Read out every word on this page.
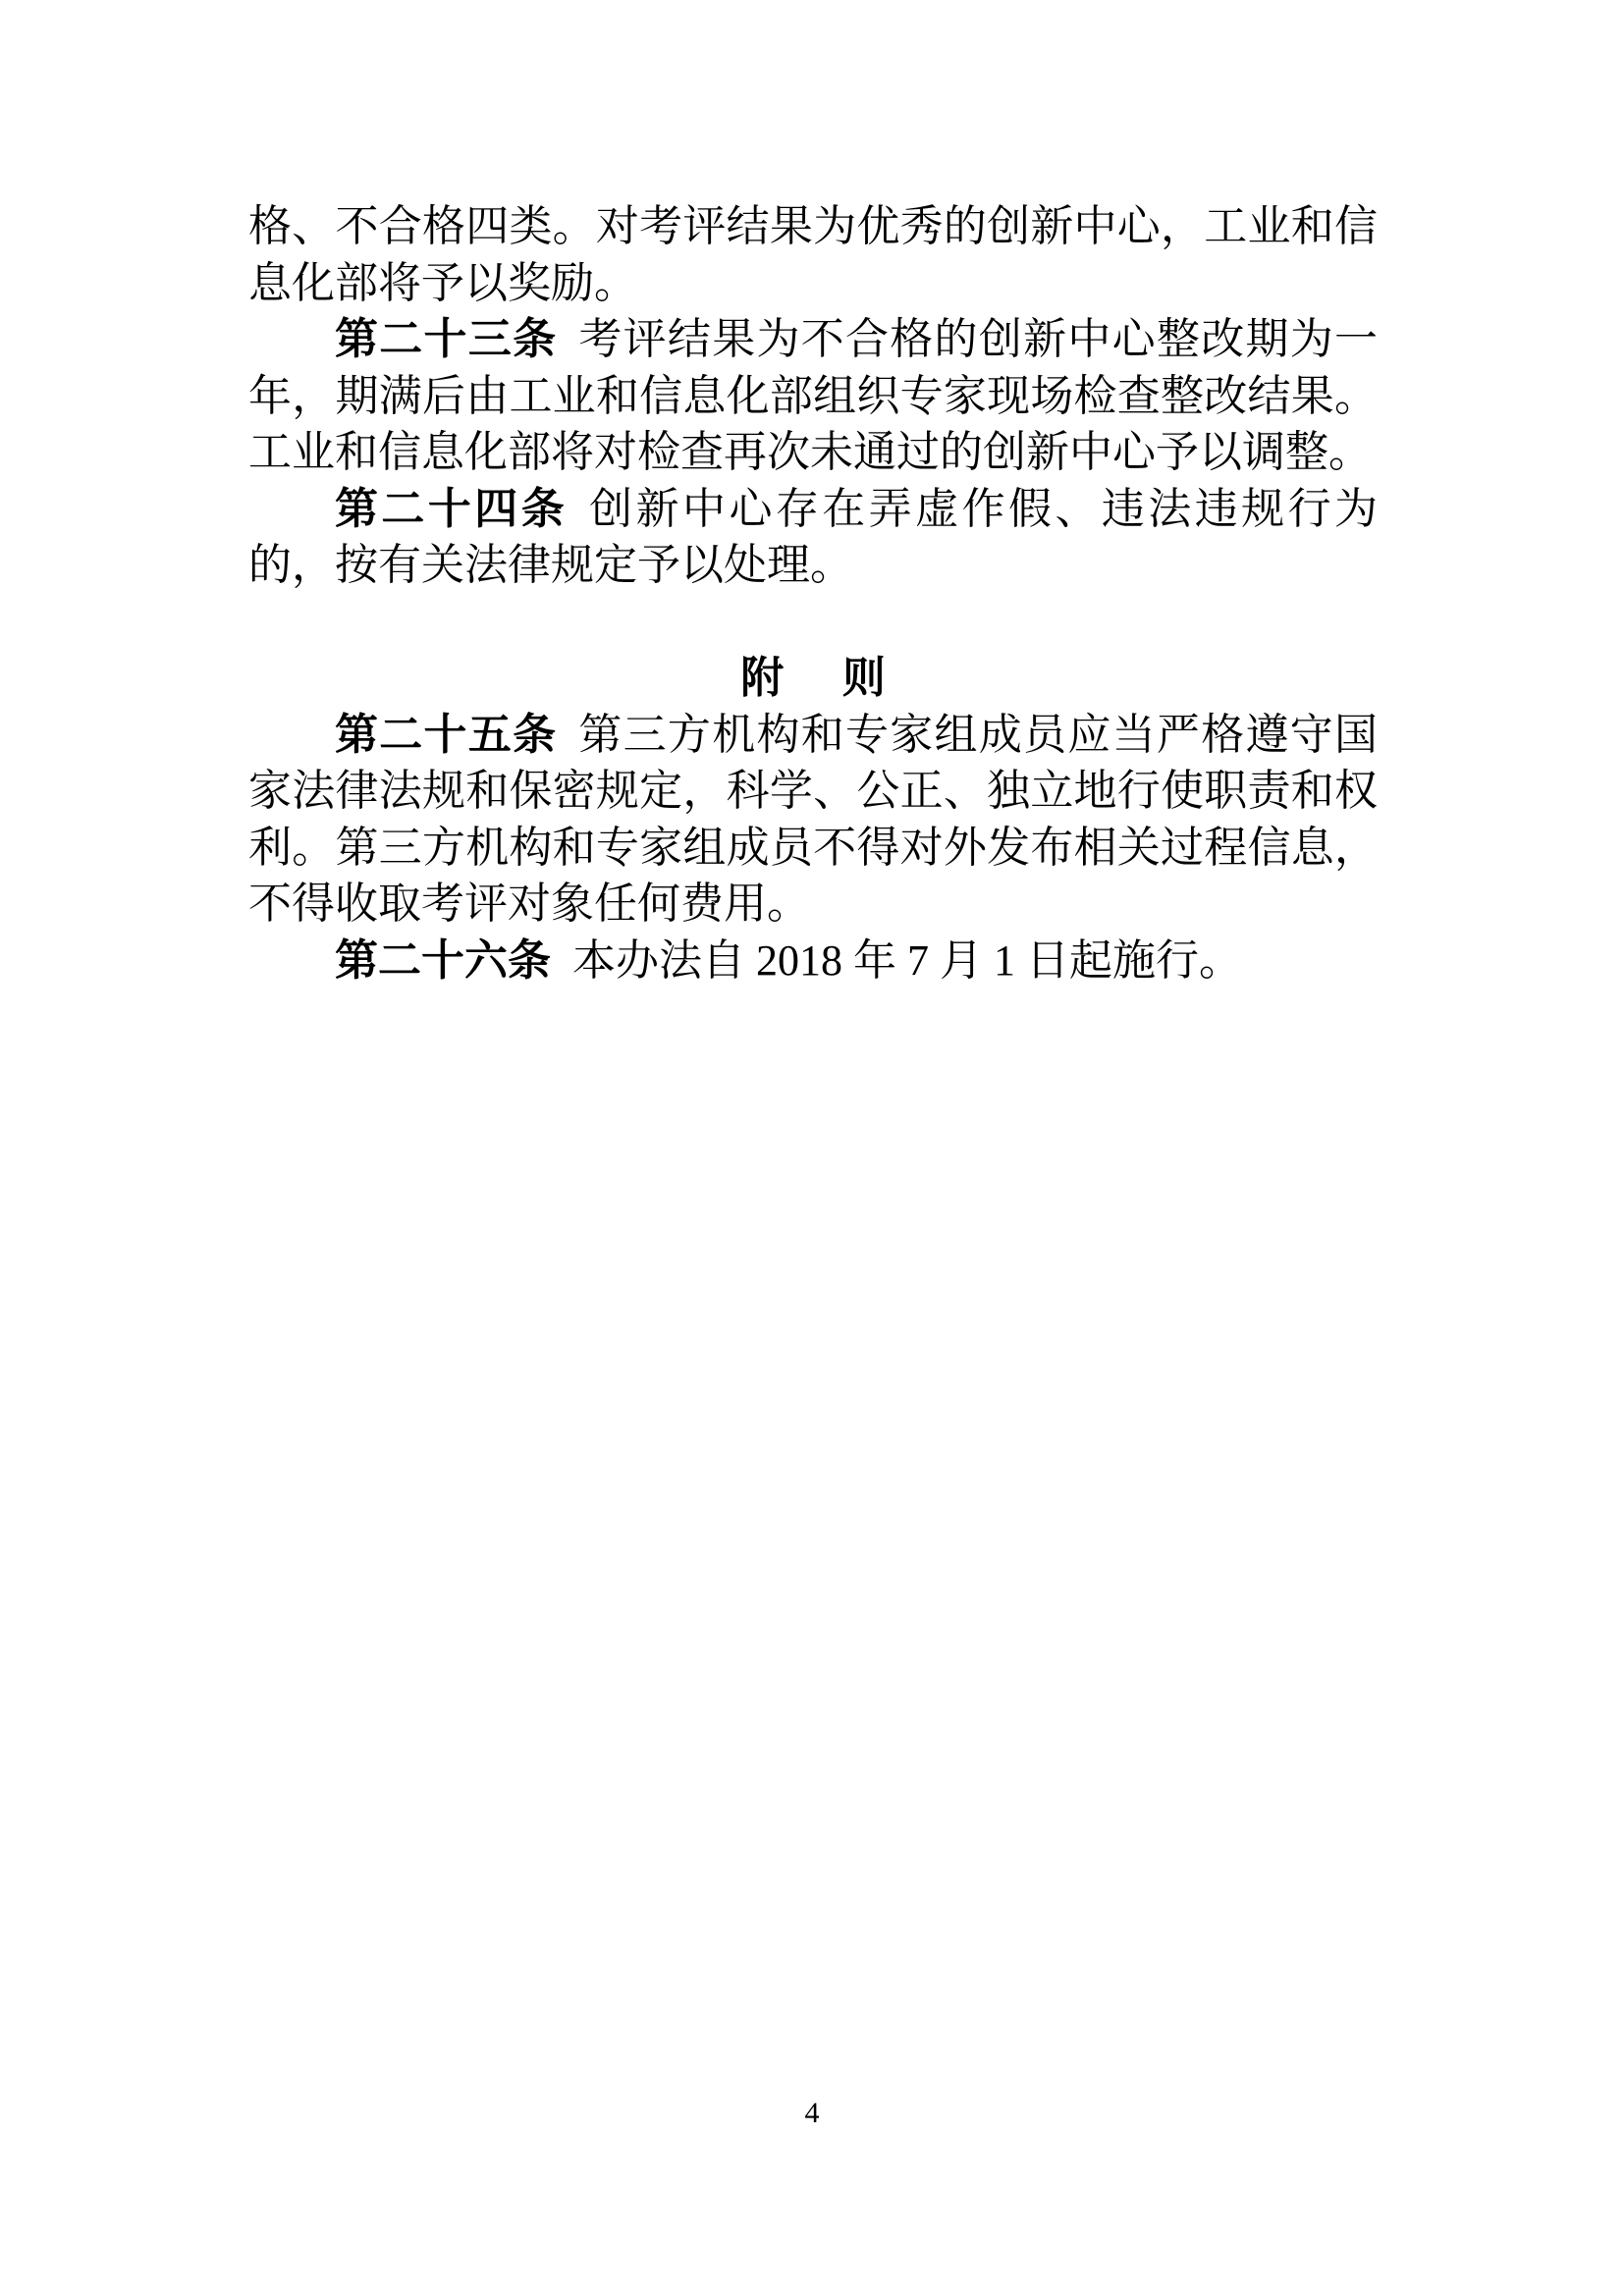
格、不合格四类。对考评结果为优秀的创新中心，工业和信息化部将予以奖励。

第二十三条 考评结果为不合格的创新中心整改期为一年，期满后由工业和信息化部组织专家现场检查整改结果。工业和信息化部将对检查再次未通过的创新中心予以调整。

第二十四条 创新中心存在弄虚作假、违法违规行为的，按有关法律规定予以处理。

附 则

第二十五条 第三方机构和专家组成员应当严格遵守国家法律法规和保密规定，科学、公正、独立地行使职责和权利。第三方机构和专家组成员不得对外发布相关过程信息，不得收取考评对象任何费用。

第二十六条 本办法自 2018 年 7 月 1 日起施行。

4
